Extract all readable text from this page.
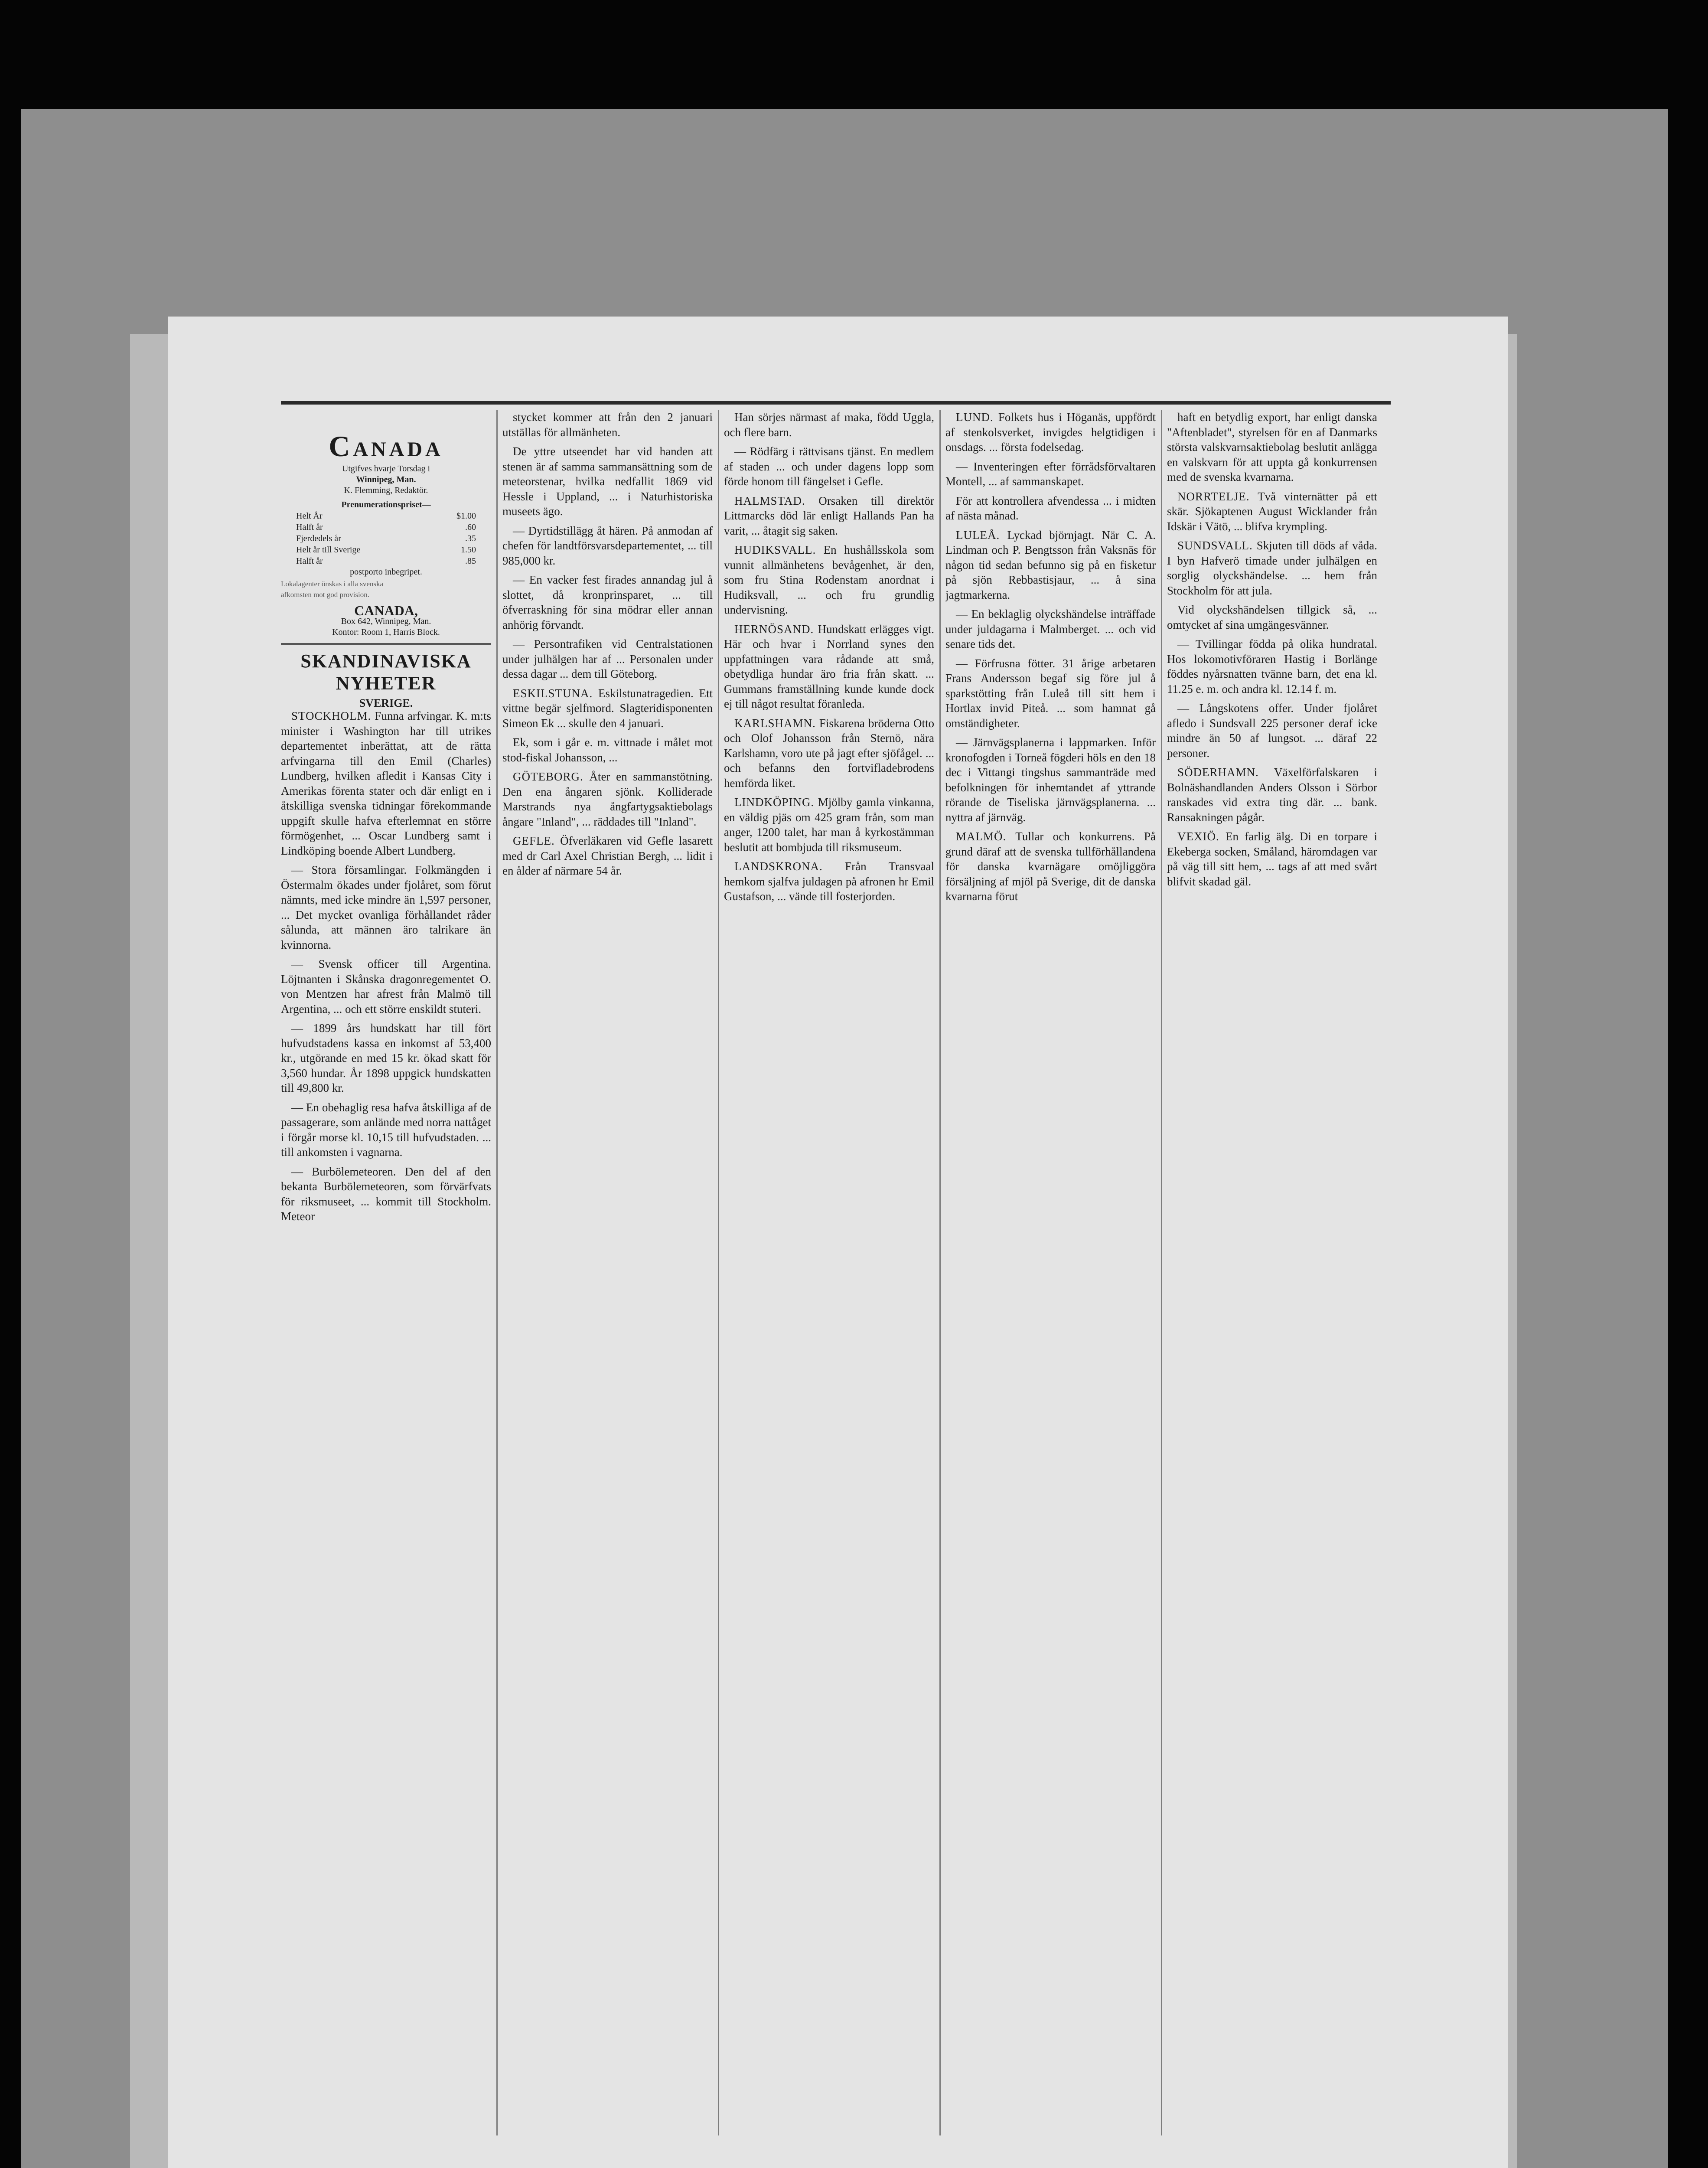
Canada

Utgifves hvarje Torsdag i

Winnipeg, Man.

K. Flemming, Redaktör.

Prenumerationspriset—

Helt År	$1.00
Halft år	.60
Fjerdedels år	.35
Helt år till Sverige	1.50
Halft år	.85

postporto inbegripet.

Lokalagenter önskas i alla svenska

afkomsten mot god provision.

CANADA,

Box 642, Winnipeg, Man.

Kontor: Room 1, Harris Block.

SKANDINAVISKA NYHETER

SVERIGE.

STOCKHOLM. Funna arfvingar. K. m:ts minister i Washington har till utrikes departementet inberättat, att de rätta arfvingarna till den Emil (Charles) Lundberg, hvilken afledit i Kansas City i Amerikas förenta stater och där enligt en i åtskilliga svenska tidningar förekommande uppgift skulle hafva efterlemnat en större förmögenhet, ... Oscar Lundberg samt i Lindköping boende Albert Lundberg.

— Stora församlingar. Folkmängden i Östermalm ökades under fjolåret, som förut nämnts, med icke mindre än 1,597 personer, ... Det mycket ovanliga förhållandet råder sålunda, att männen äro talrikare än kvinnorna.

— Svensk officer till Argentina. Löjtnanten i Skånska dragonregementet O. von Mentzen har afrest från Malmö till Argentina, ... och ett större enskildt stuteri.

— 1899 års hundskatt har till fört hufvudstadens kassa en inkomst af 53,400 kr., utgörande en med 15 kr. ökad skatt för 3,560 hundar. År 1898 uppgick hundskatten till 49,800 kr.

— En obehaglig resa hafva åtskilliga af de passagerare, som anlände med norra nattåget i förgår morse kl. 10,15 till hufvudstaden. ... till ankomsten i vagnarna.

— Burbölemeteoren. Den del af den bekanta Burbölemeteoren, som förvärfvats för riksmuseet, ... kommit till Stockholm. Meteor

stycket kommer att från den 2 januari utställas för allmänheten.

De yttre utseendet har vid handen att stenen är af samma sammansättning som de meteorstenar, hvilka nedfallit 1869 vid Hessle i Uppland, ... i Naturhistoriska museets ägo.

— Dyrtidstillägg åt hären. På anmodan af chefen för landtförsvarsdepartementet, ... till 985,000 kr.

— En vacker fest firades annandag jul å slottet, då kronprinsparet, ... till öfverraskning för sina mödrar eller annan anhörig förvandt.

— Persontrafiken vid Centralstationen under julhälgen har af ... Personalen under dessa dagar ... dem till Göteborg.

ESKILSTUNA. Eskilstunatragedien. Ett vittne begär sjelfmord. Slagteridisponenten Simeon Ek ... skulle den 4 januari.

Ek, som i går e. m. vittnade i målet mot stod-fiskal Johansson, ...

GÖTEBORG. Åter en sammanstötning. Den ena ångaren sjönk. Kolliderade Marstrands nya ångfartygsaktiebolags ångare "Inland", ... räddades till "Inland".

GEFLE. Öfverläkaren vid Gefle lasarett med dr Carl Axel Christian Bergh, ... lidit i en ålder af närmare 54 år.

Han sörjes närmast af maka, född Uggla, och flere barn.

— Rödfärg i rättvisans tjänst. En medlem af staden ... och under dagens lopp som förde honom till fängelset i Gefle.

HALMSTAD. Orsaken till direktör Littmarcks död lär enligt Hallands Pan ha varit, ... åtagit sig saken.

HUDIKSVALL. En hushållsskola som vunnit allmänhetens bevågenhet, är den, som fru Stina Rodenstam anordnat i Hudiksvall, ... och fru grundlig undervisning.

HERNÖSAND. Hundskatt erlägges vigt. Här och hvar i Norrland synes den uppfattningen vara rådande att små, obetydliga hundar äro fria från skatt. ... Gummans framställning kunde kunde dock ej till något resultat föranleda.

KARLSHAMN. Fiskarena bröderna Otto och Olof Johansson från Sternö, nära Karlshamn, voro ute på jagt efter sjöfågel. ... och befanns den fortvifladebrodens hemförda liket.

LINDKÖPING. Mjölby gamla vinkanna, en väldig pjäs om 425 gram från, som man anger, 1200 talet, har man å kyrkostämman beslutit att bombjuda till riksmuseum.

LANDSKRONA. Från Transvaal hemkom sjalfva juldagen på afronen hr Emil Gustafson, ... vände till fosterjorden.

LUND. Folkets hus i Höganäs, uppfördt af stenkolsverket, invigdes helgtidigen i onsdags. ... första fodelsedag.

— Inventeringen efter förrådsförvaltaren Montell, ... af sammanskapet.

För att kontrollera afvendessa ... i midten af nästa månad.

LULEÅ. Lyckad björnjagt. När C. A. Lindman och P. Bengtsson från Vaksnäs för någon tid sedan befunno sig på en fisketur på sjön Rebbastisjaur, ... å sina jagtmarkerna.

— En beklaglig olyckshändelse inträffade under juldagarna i Malmberget. ... och vid senare tids det.

— Förfrusna fötter. 31 årige arbetaren Frans Andersson begaf sig före jul å sparkstötting från Luleå till sitt hem i Hortlax invid Piteå. ... som hamnat gå omständigheter.

— Järnvägsplanerna i lappmarken. Inför kronofogden i Torneå fögderi höls en den 18 dec i Vittangi tingshus sammanträde med befolkningen för inhemtandet af yttrande rörande de Tiseliska järnvägsplanerna. ... nyttra af järnväg.

MALMÖ. Tullar och konkurrens. På grund däraf att de svenska tullförhållandena för danska kvarnägare omöjliggöra försäljning af mjöl på Sverige, dit de danska kvarnarna förut

haft en betydlig export, har enligt danska "Aftenbladet", styrelsen för en af Danmarks största valskvarnsaktiebolag beslutit anlägga en valskvarn för att uppta gå konkurrensen med de svenska kvarnarna.

NORRTELJE. Två vinternätter på ett skär. Sjökaptenen August Wicklander från Idskär i Vätö, ... blifva krympling.

SUNDSVALL. Skjuten till döds af våda. I byn Hafverö timade under julhälgen en sorglig olyckshändelse. ... hem från Stockholm för att jula.

Vid olyckshändelsen tillgick så, ... omtycket af sina umgängesvänner.

— Tvillingar födda på olika hundratal. Hos lokomotivföraren Hastig i Borlänge föddes nyårsnatten tvänne barn, det ena kl. 11.25 e. m. och andra kl. 12.14 f. m.

— Långskotens offer. Under fjolåret afledo i Sundsvall 225 personer deraf icke mindre än 50 af lungsot. ... däraf 22 personer.

SÖDERHAMN. Växelförfalskaren i Bolnäshandlanden Anders Olsson i Sörbor ranskades vid extra ting där. ... bank. Ransakningen pågår.

VEXIÖ. En farlig älg. Di en torpare i Ekeberga socken, Småland, häromdagen var på väg till sitt hem, ... tags af att med svårt blifvit skadad gäl.
